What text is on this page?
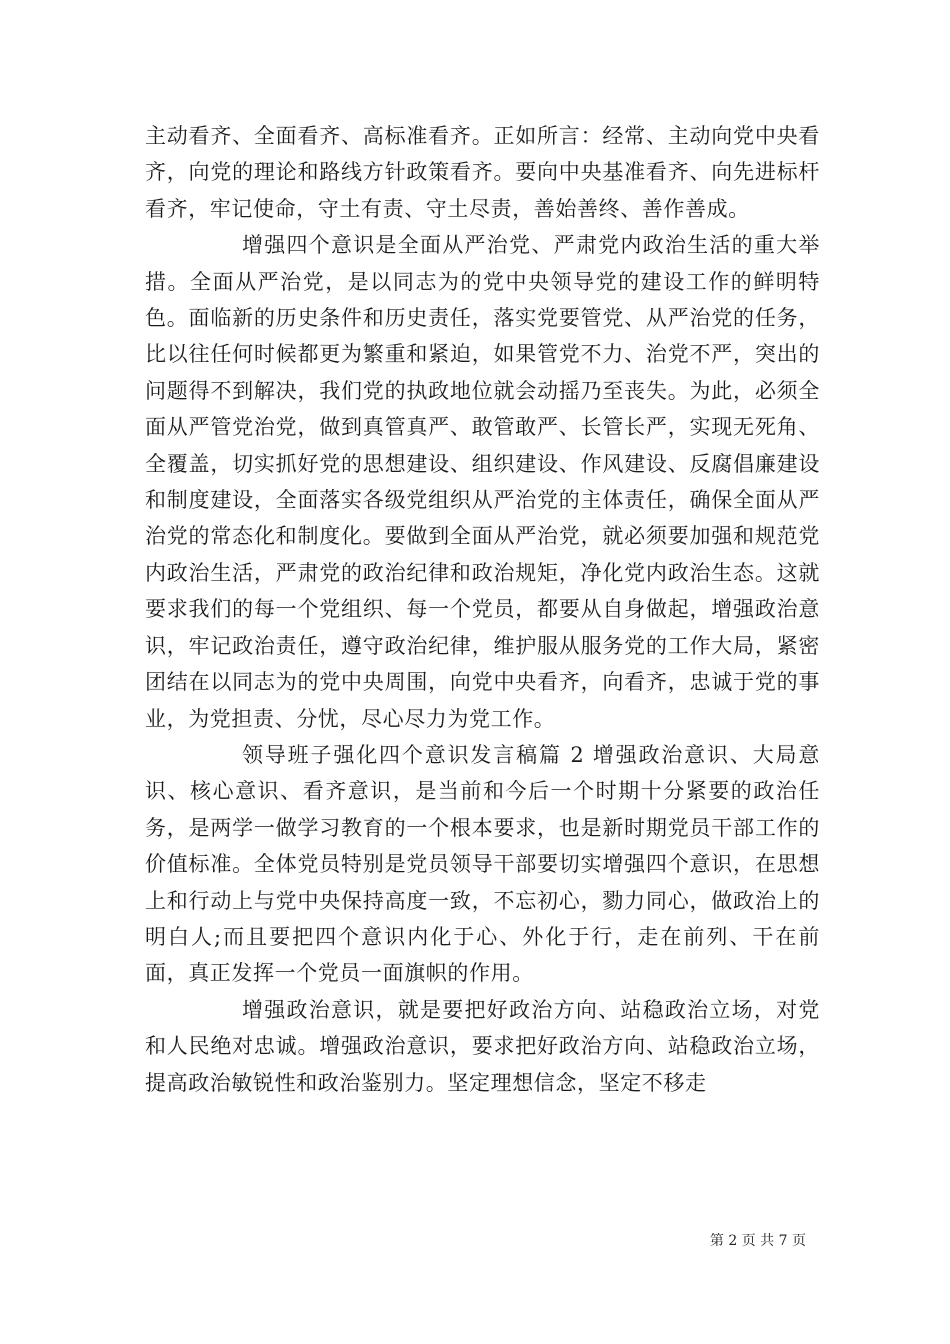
主动看齐、全面看齐、高标准看齐。正如所言：经常、主动向党中央看齐，向党的理论和路线方针政策看齐。要向中央基准看齐、向先进标杆看齐，牢记使命，守土有责、守土尽责，善始善终、善作善成。

增强四个意识是全面从严治党、严肃党内政治生活的重大举措。全面从严治党，是以同志为的党中央领导党的建设工作的鲜明特色。面临新的历史条件和历史责任，落实党要管党、从严治党的任务，比以往任何时候都更为繁重和紧迫，如果管党不力、治党不严，突出的问题得不到解决，我们党的执政地位就会动摇乃至丧失。为此，必须全面从严管党治党，做到真管真严、敢管敢严、长管长严，实现无死角、全覆盖，切实抓好党的思想建设、组织建设、作风建设、反腐倡廉建设和制度建设，全面落实各级党组织从严治党的主体责任，确保全面从严治党的常态化和制度化。要做到全面从严治党，就必须要加强和规范党内政治生活，严肃党的政治纪律和政治规矩，净化党内政治生态。这就要求我们的每一个党组织、每一个党员，都要从自身做起，增强政治意识，牢记政治责任，遵守政治纪律，维护服从服务党的工作大局，紧密团结在以同志为的党中央周围，向党中央看齐，向看齐，忠诚于党的事业，为党担责、分忧，尽心尽力为党工作。

领导班子强化四个意识发言稿篇 2 增强政治意识、大局意识、核心意识、看齐意识，是当前和今后一个时期十分紧要的政治任务，是两学一做学习教育的一个根本要求，也是新时期党员干部工作的价值标准。全体党员特别是党员领导干部要切实增强四个意识，在思想上和行动上与党中央保持高度一致，不忘初心，勠力同心，做政治上的明白人;而且要把四个意识内化于心、外化于行，走在前列、干在前面，真正发挥一个党员一面旗帜的作用。

增强政治意识，就是要把好政治方向、站稳政治立场，对党和人民绝对忠诚。增强政治意识，要求把好政治方向、站稳政治立场，提高政治敏锐性和政治鉴别力。坚定理想信念，坚定不移走

第 2 页 共 7 页
